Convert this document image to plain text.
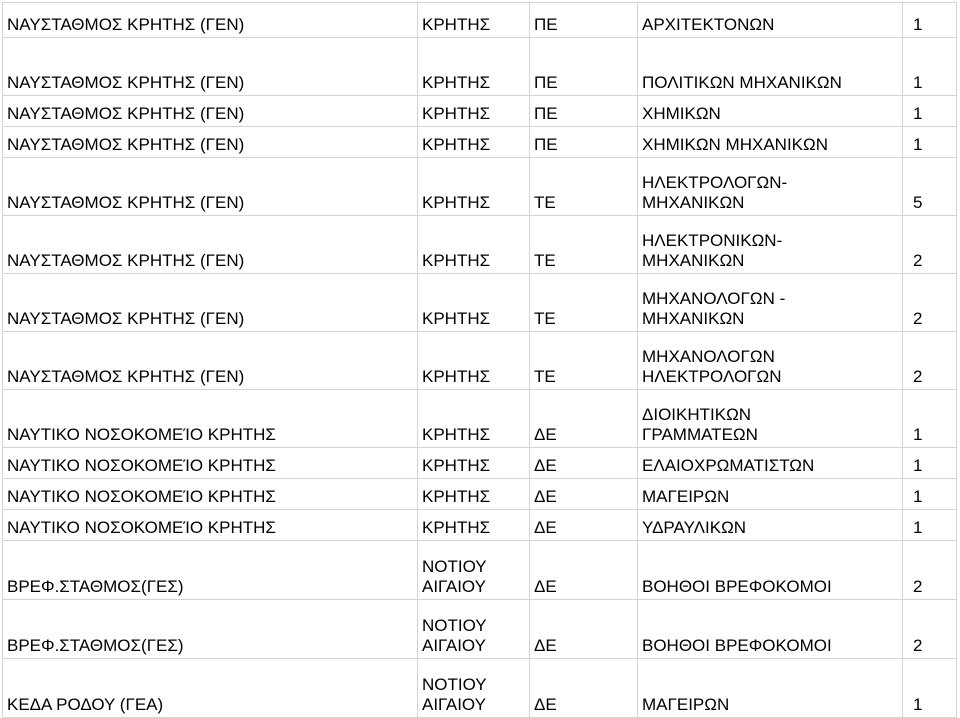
ΝΑΥΣΤΑΘΜΟΣ ΚΡΗΤΗΣ (ΓΕΝ)	ΚΡΗΤΗΣ	ΠΕ	ΑΡΧΙΤΕΚΤΟΝΩΝ	1
ΝΑΥΣΤΑΘΜΟΣ ΚΡΗΤΗΣ (ΓΕΝ)	ΚΡΗΤΗΣ	ΠΕ	ΠΟΛΙΤΙΚΩΝ ΜΗΧΑΝΙΚΩΝ	1
ΝΑΥΣΤΑΘΜΟΣ ΚΡΗΤΗΣ (ΓΕΝ)	ΚΡΗΤΗΣ	ΠΕ	ΧΗΜΙΚΩΝ	1
ΝΑΥΣΤΑΘΜΟΣ ΚΡΗΤΗΣ (ΓΕΝ)	ΚΡΗΤΗΣ	ΠΕ	ΧΗΜΙΚΩΝ ΜΗΧΑΝΙΚΩΝ	1
ΝΑΥΣΤΑΘΜΟΣ ΚΡΗΤΗΣ (ΓΕΝ)	ΚΡΗΤΗΣ	ΤΕ	ΗΛΕΚΤΡΟΛΟΓΩΝ-
ΜΗΧΑΝΙΚΩΝ	5
ΝΑΥΣΤΑΘΜΟΣ ΚΡΗΤΗΣ (ΓΕΝ)	ΚΡΗΤΗΣ	ΤΕ	ΗΛΕΚΤΡΟΝΙΚΩΝ-
ΜΗΧΑΝΙΚΩΝ	2
ΝΑΥΣΤΑΘΜΟΣ ΚΡΗΤΗΣ (ΓΕΝ)	ΚΡΗΤΗΣ	ΤΕ	ΜΗΧΑΝΟΛΟΓΩΝ -
ΜΗΧΑΝΙΚΩΝ	2
ΝΑΥΣΤΑΘΜΟΣ ΚΡΗΤΗΣ (ΓΕΝ)	ΚΡΗΤΗΣ	ΤΕ	ΜΗΧΑΝΟΛΟΓΩΝ
ΗΛΕΚΤΡΟΛΟΓΩΝ	2
ΝΑΥΤΙΚΟ ΝΟΣΟΚΟΜΕΊΟ ΚΡΗΤΗΣ	ΚΡΗΤΗΣ	ΔΕ	ΔΙΟΙΚΗΤΙΚΩΝ
ΓΡΑΜΜΑΤΕΩΝ	1
ΝΑΥΤΙΚΟ ΝΟΣΟΚΟΜΕΊΟ ΚΡΗΤΗΣ	ΚΡΗΤΗΣ	ΔΕ	ΕΛΑΙΟΧΡΩΜΑΤΙΣΤΩΝ	1
ΝΑΥΤΙΚΟ ΝΟΣΟΚΟΜΕΊΟ ΚΡΗΤΗΣ	ΚΡΗΤΗΣ	ΔΕ	ΜΑΓΕΙΡΩΝ	1
ΝΑΥΤΙΚΟ ΝΟΣΟΚΟΜΕΊΟ ΚΡΗΤΗΣ	ΚΡΗΤΗΣ	ΔΕ	ΥΔΡΑΥΛΙΚΩΝ	1
ΒΡΕΦ.ΣΤΑΘΜΟΣ(ΓΕΣ)	ΝΟΤΙΟΥ
ΑΙΓΑΙΟΥ	ΔΕ	ΒΟΗΘΟΙ ΒΡΕΦΟΚΟΜΟΙ	2
ΒΡΕΦ.ΣΤΑΘΜΟΣ(ΓΕΣ)	ΝΟΤΙΟΥ
ΑΙΓΑΙΟΥ	ΔΕ	ΒΟΗΘΟΙ ΒΡΕΦΟΚΟΜΟΙ	2
ΚΕΔΑ ΡΟΔΟΥ (ΓΕΑ)	ΝΟΤΙΟΥ
ΑΙΓΑΙΟΥ	ΔΕ	ΜΑΓΕΙΡΩΝ	1
